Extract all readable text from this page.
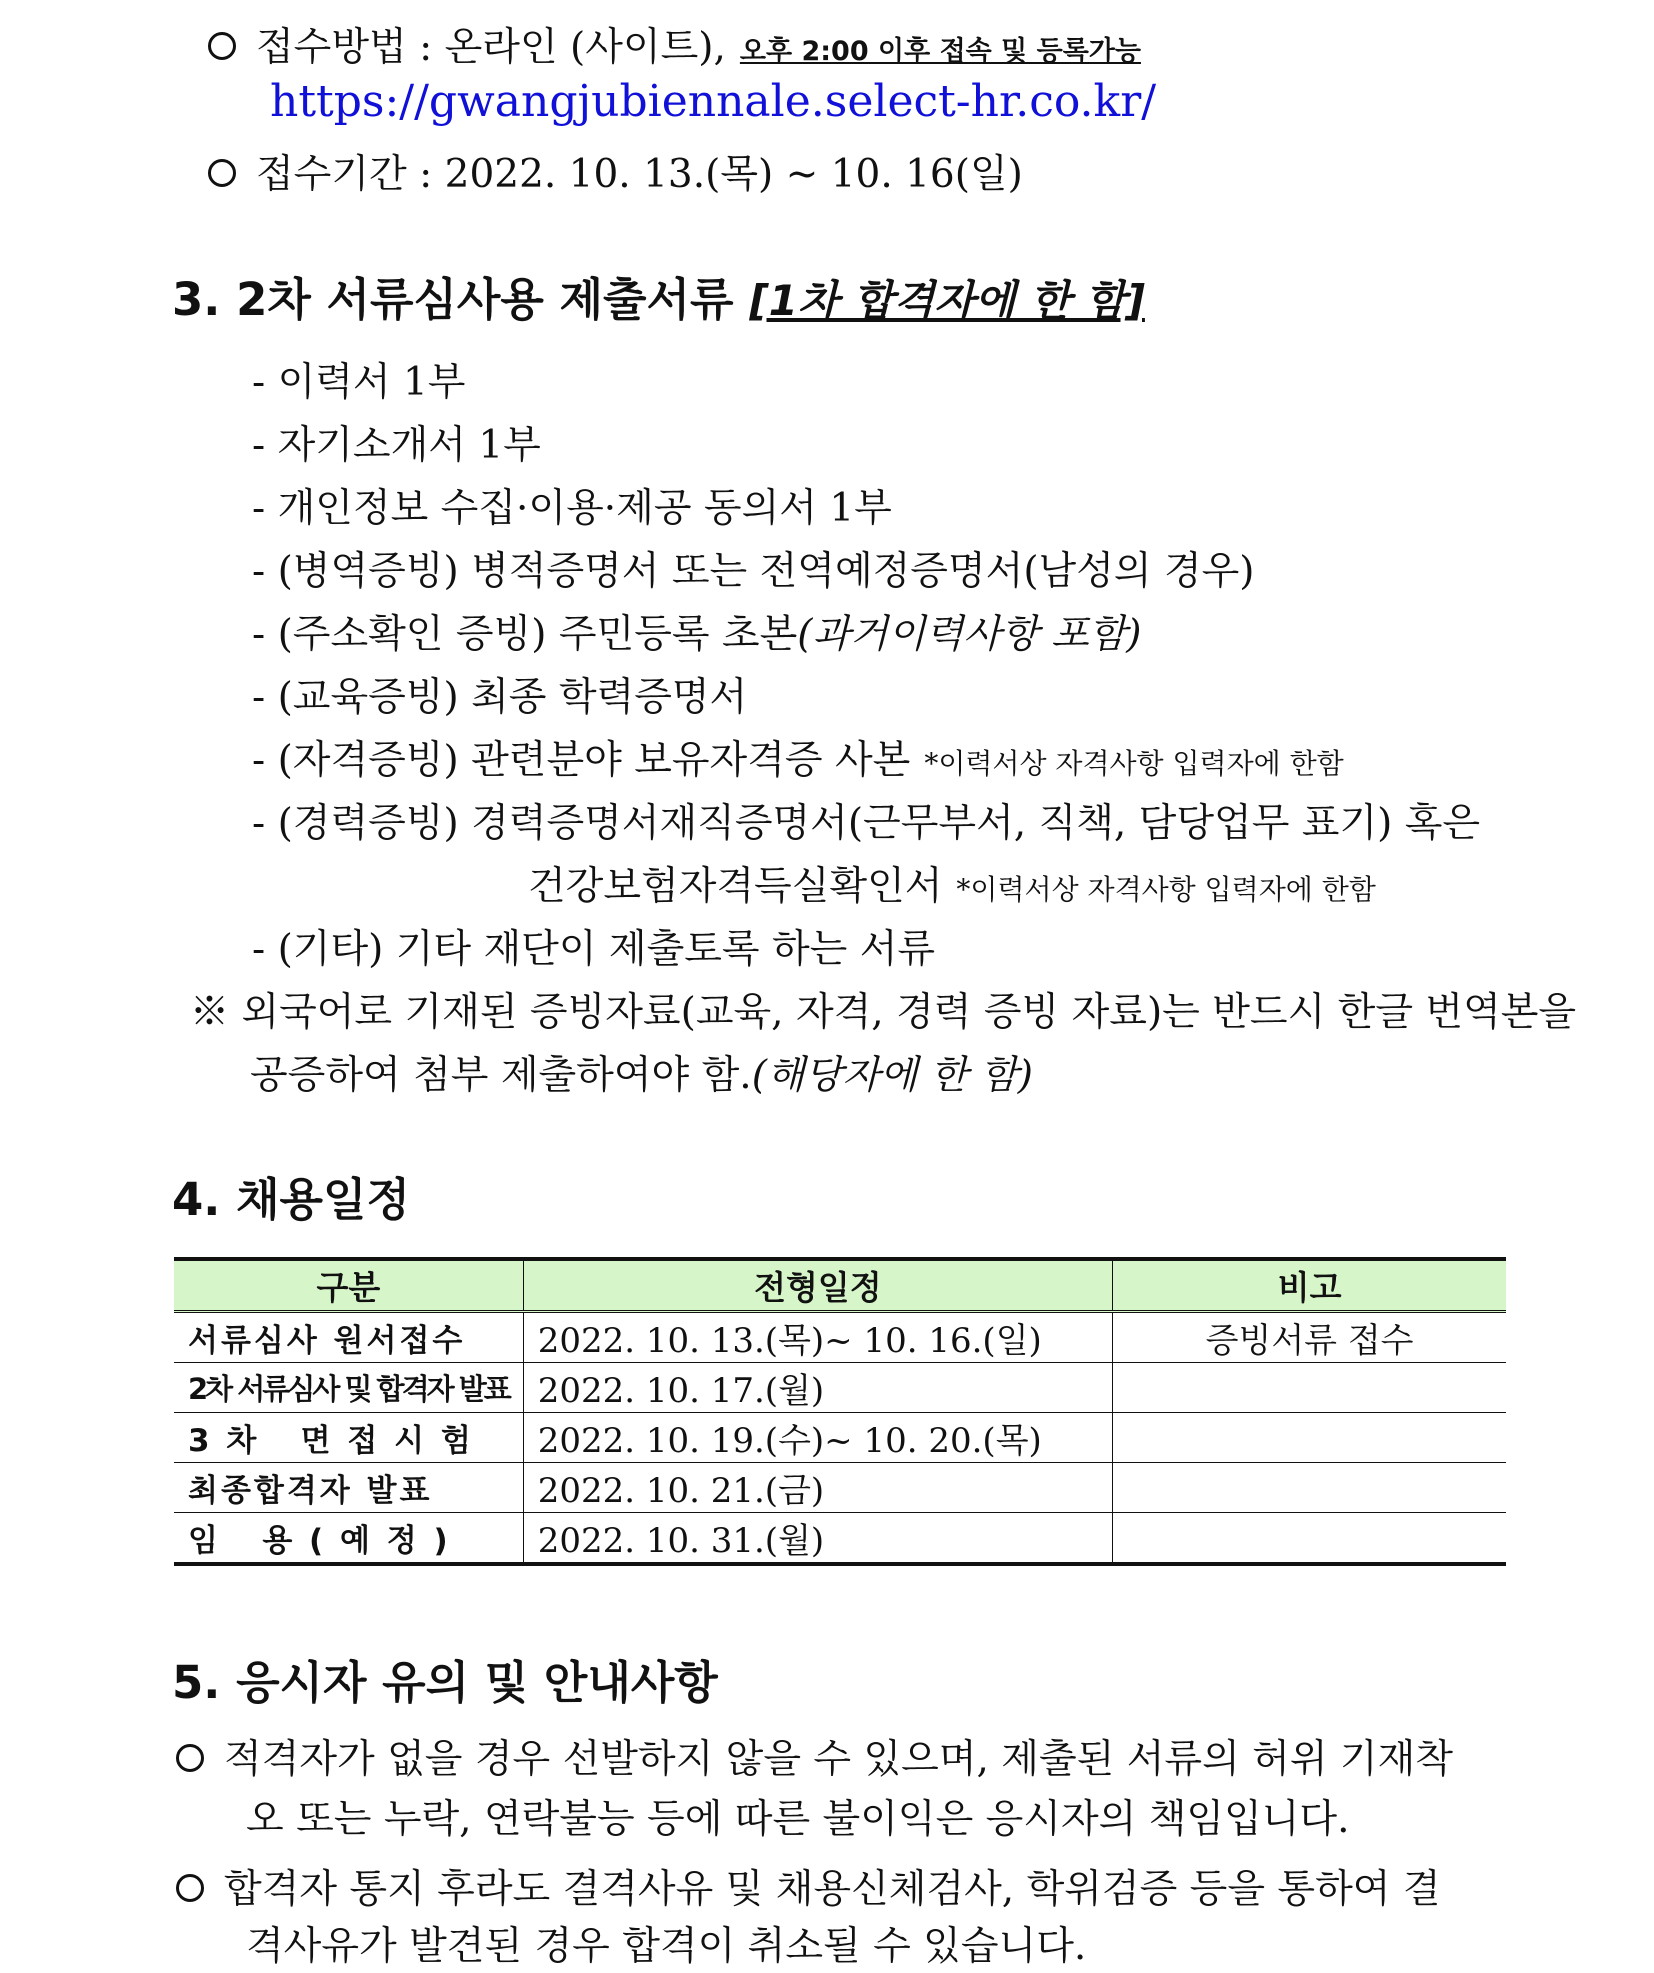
접수방법 : 온라인 (사이트), 오후 2:00 이후 접속 및 등록가능
https://gwangjubiennale.select-hr.co.kr/
접수기간 : 2022. 10. 13.(목) ~ 10. 16(일)
3. 2차 서류심사용 제출서류 [1차 합격자에 한 함]
- 이력서 1부
- 자기소개서 1부
- 개인정보 수집·이용·제공 동의서 1부
- (병역증빙) 병적증명서 또는 전역예정증명서(남성의 경우)
- (주소확인 증빙) 주민등록 초본(과거이력사항 포함)
- (교육증빙) 최종 학력증명서
- (자격증빙) 관련분야 보유자격증 사본 *이력서상 자격사항 입력자에 한함
- (경력증빙) 경력증명서재직증명서(근무부서, 직책, 담당업무 표기) 혹은
건강보험자격득실확인서 *이력서상 자격사항 입력자에 한함
- (기타) 기타 재단이 제출토록 하는 서류
※ 외국어로 기재된 증빙자료(교육, 자격, 경력 증빙 자료)는 반드시 한글 번역본을
공증하여 첨부 제출하여야 함.(해당자에 한 함)
4. 채용일정
구분	전형일정	비고
서류심사 원서접수	2022. 10. 13.(목)~ 10. 16.(일)	증빙서류 접수
2차 서류심사 및 합격자 발표	2022. 10. 17.(월)	
3 차   면 접 시 험	2022. 10. 19.(수)~ 10. 20.(목)	
최종합격자 발표	2022. 10. 21.(금)	
임   용 ( 예 정 )	2022. 10. 31.(월)	
5. 응시자 유의 및 안내사항
적격자가 없을 경우 선발하지 않을 수 있으며, 제출된 서류의 허위 기재착
오 또는 누락, 연락불능 등에 따른 불이익은 응시자의 책임입니다.
합격자 통지 후라도 결격사유 및 채용신체검사, 학위검증 등을 통하여 결
격사유가 발견된 경우 합격이 취소될 수 있습니다.
